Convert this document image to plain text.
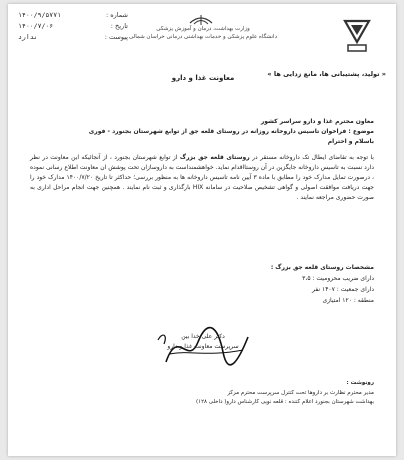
شماره :
۱۴۰۰/۹/۵۷۷۱
تاریخ :
۱۴۰۰/۷/۰۶
پیوست :
ندارد
وزارت بهداشت، درمان و آموزش پزشکی
دانشگاه علوم پزشکی و خدمات بهداشتی درمانی خراسان شمالی
« تولید، پشتیبانی ها، مانع زدایی ها »
معاونت غذا و دارو

معاون محترم غذا و دارو سراسر کشور

موضوع : فراخوان تاسیس داروخانه روزانه در روستای قلعه جق از توابع شهرستان بجنورد - فوری

باسلام و احترام

با توجه به تقاضای ایطال تک داروخانه مستقر در روستای قلعه جق بزرگ از توابع شهرستان بجنورد ، از آنجائیکه این معاونت در نظر دارد نسبت به تاسیس داروخانه جایگزین در آن روستااقدام نماید. خواهشمنداست به داروسازان تحت پوشش ان معاونت اطلاع رسانی نموده ، درصورت تمایل مدارک خود را مطابق با ماده ۳ آیین نامه تاسیس داروخانه ها به منظور بررسی؛ حداکثر تا تاریخ ۱۴۰۰/۷/۲۰ مدارک خود را جهت دریافت موافقت اصولی و گواهی تشخیص صلاحیت در سامانه HIX بارگذاری و ثبت نام نمایند . همچنین جهت انجام مراحل اداری به صورت حضوری مراجعه نمایند .

مشخصات روستای قلعه جق بزرگ :
دارای ضریب محرومیت : ۳،۵
دارای جمعیت : ۱۴۰۷ نفر
منطقه : ۱۲۰ امتیازی
دکتر علی خدا بین
سرپرست معاونت غذا و دارو
رونوشت :
مدیر محترم نظارت بر داروها تحت کنترل سرپرست محترم مرکز
بهداشت شهرستان بجنورد اعلام کننده : قلعه نویی کارشناس دارو( داخلی ۱۲۸)
